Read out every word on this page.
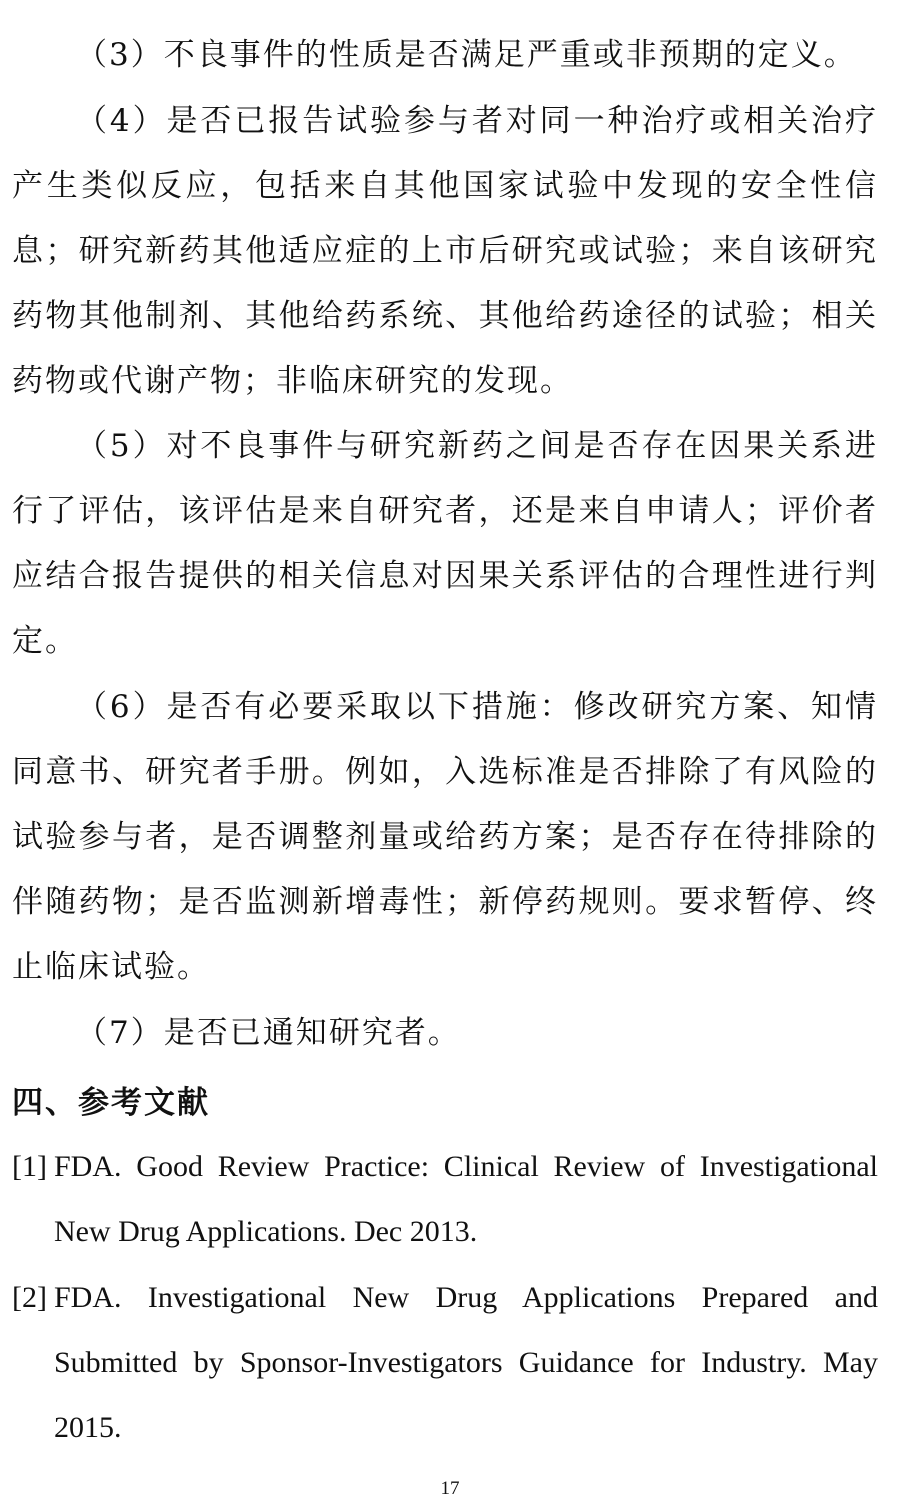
（3）不良事件的性质是否满足严重或非预期的定义。

（4）是否已报告试验参与者对同一种治疗或相关治疗产生类似反应，包括来自其他国家试验中发现的安全性信息；研究新药其他适应症的上市后研究或试验；来自该研究药物其他制剂、其他给药系统、其他给药途径的试验；相关药物或代谢产物；非临床研究的发现。

（5）对不良事件与研究新药之间是否存在因果关系进行了评估，该评估是来自研究者，还是来自申请人；评价者应结合报告提供的相关信息对因果关系评估的合理性进行判定。

（6）是否有必要采取以下措施：修改研究方案、知情同意书、研究者手册。例如，入选标准是否排除了有风险的试验参与者，是否调整剂量或给药方案；是否存在待排除的伴随药物；是否监测新增毒性；新停药规则。要求暂停、终止临床试验。

（7）是否已通知研究者。

四、参考文献
[1] FDA. Good Review Practice: Clinical Review of Investigational New Drug Applications. Dec 2013.
[2] FDA. Investigational New Drug Applications Prepared and Submitted by Sponsor-Investigators Guidance for Industry. May 2015.
17
